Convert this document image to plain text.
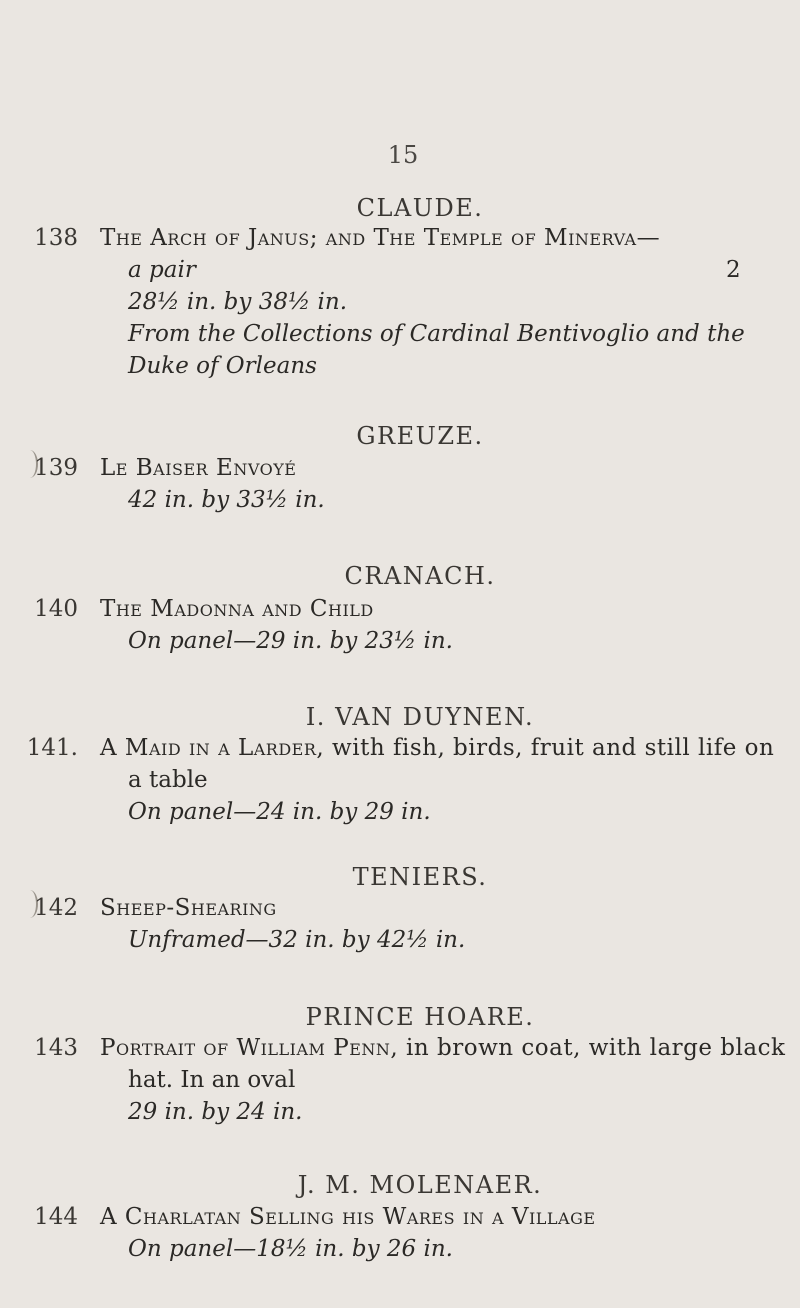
15
CLAUDE.
138 The Arch of Janus; and The Temple of Minerva—
a pair	2
28½ in. by 38½ in.
From the Collections of Cardinal Bentivoglio and the
Duke of Orleans
GREUZE.
139 Le Baiser Envoyé
42 in. by 33½ in.
CRANACH.
140 The Madonna and Child
On panel—29 in. by 23½ in.
I. VAN DUYNEN.
141. A Maid in a Larder, with fish, birds, fruit and still life on
a table
On panel—24 in. by 29 in.
TENIERS.
142 Sheep-Shearing
Unframed—32 in. by 42½ in.
PRINCE HOARE.
143 Portrait of William Penn, in brown coat, with large black
hat. In an oval
29 in. by 24 in.
J. M. MOLENAER.
144 A Charlatan Selling his Wares in a Village
On panel—18½ in. by 26 in.
